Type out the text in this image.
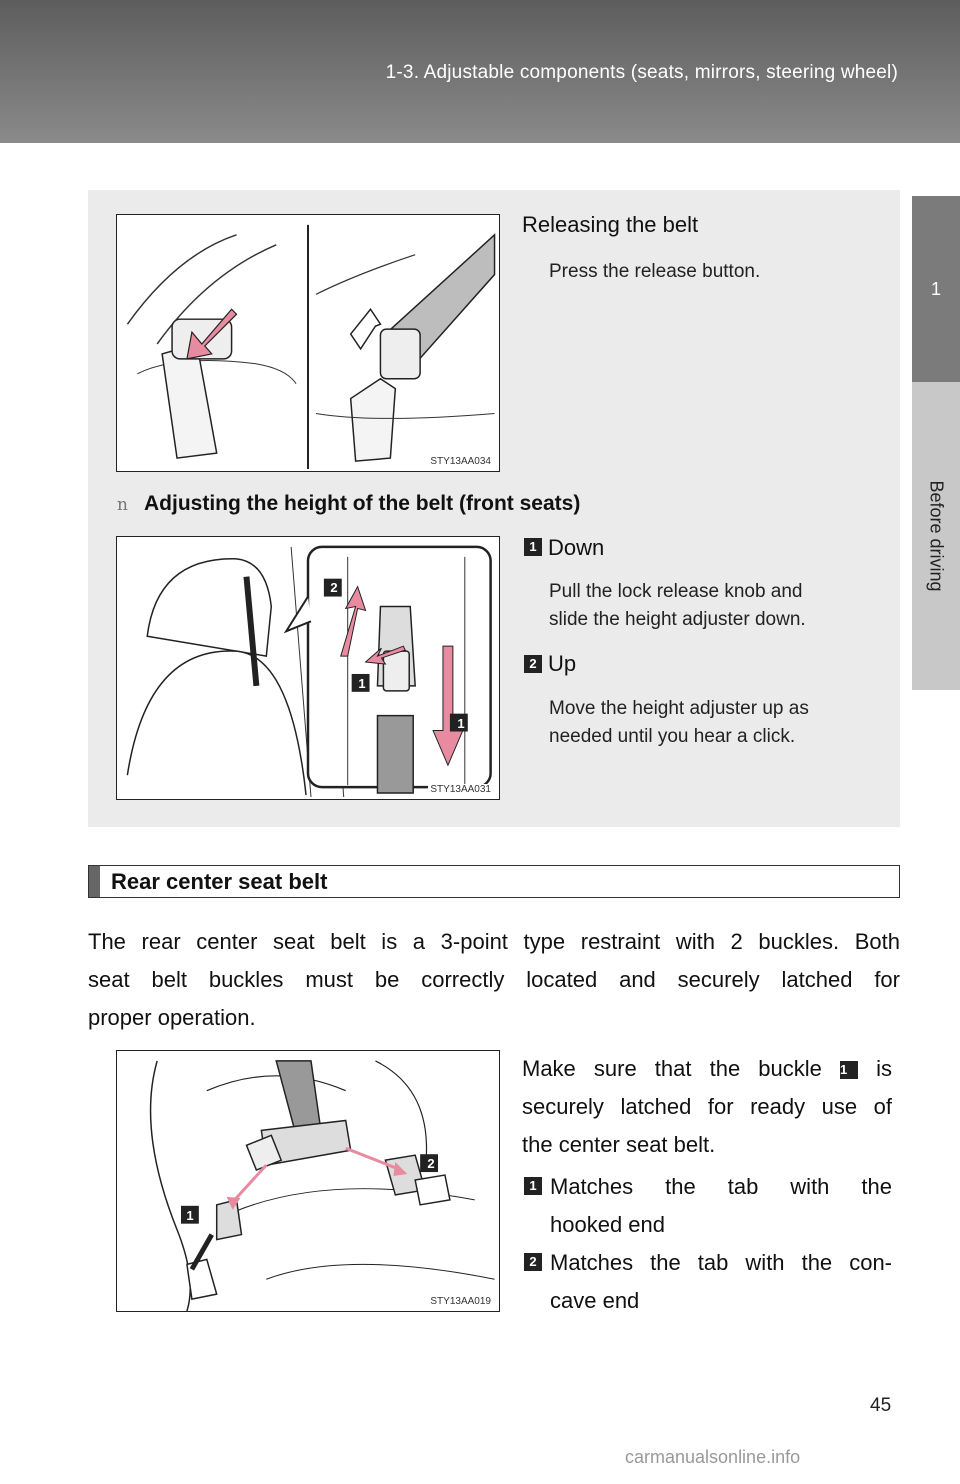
1-3. Adjustable components (seats, mirrors, steering wheel)
1
Before driving
STY13AA034
Releasing the belt
Press the release button.
n Adjusting the height of the belt (front seats)
2
1
1
STY13AA031
1 Down
Pull the lock release knob and
slide the height adjuster down.
2 Up
Move the height adjuster up as
needed until you hear a click.
Rear center seat belt
The rear center seat belt is a 3-point type restraint with 2 buckles. Both
seat belt buckles must be correctly located and securely latched for
proper operation.
2
1
STY13AA019
Make sure that the buckle 1 is
securely latched for ready use of
the center seat belt.
1 Matches the tab with the
hooked end
2 Matches the tab with the con-
cave end
45
carmanualsonline.info
